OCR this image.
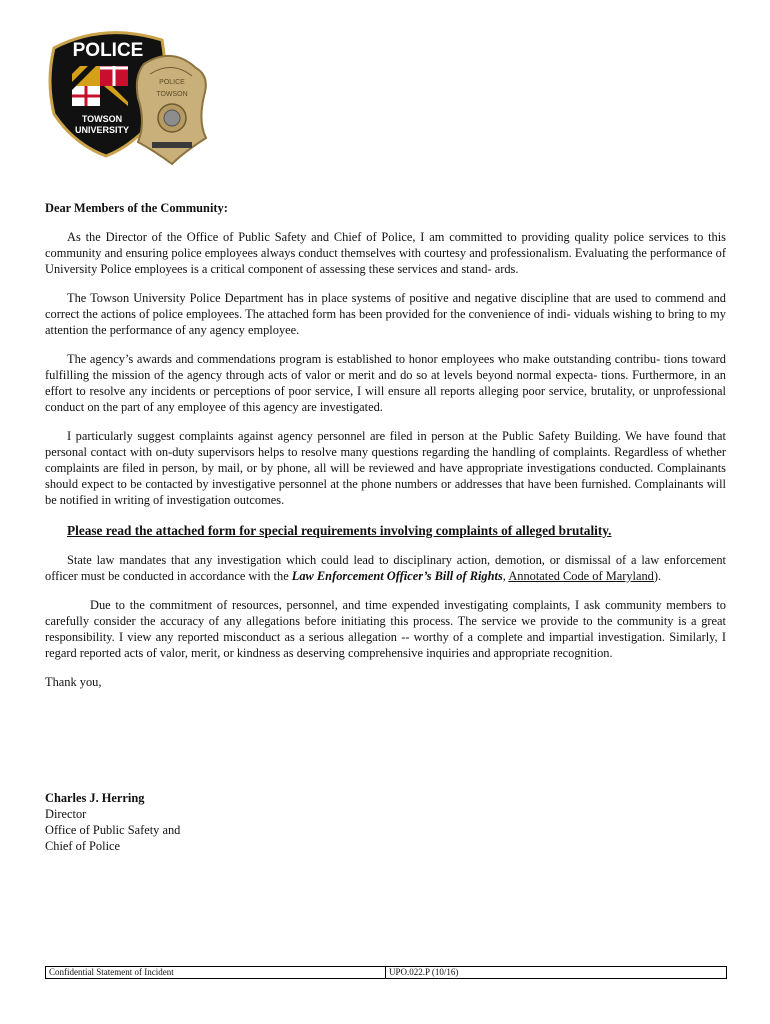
POLICE
TOWSON
UNIVERSITY
POLICE
TOWSON

Dear Members of the Community:

As the Director of the Office of Public Safety and Chief of Police, I am committed to providing quality police services to this community and ensuring police employees always conduct themselves with courtesy and professionalism. Evaluating the performance of University Police employees is a critical component of assessing these services and stand- ards.

The Towson University Police Department has in place systems of positive and negative discipline that are used to commend and correct the actions of police employees. The attached form has been provided for the convenience of indi- viduals wishing to bring to my attention the performance of any agency employee.

The agency’s awards and commendations program is established to honor employees who make outstanding contribu- tions toward fulfilling the mission of the agency through acts of valor or merit and do so at levels beyond normal expecta- tions. Furthermore, in an effort to resolve any incidents or perceptions of poor service, I will ensure all reports alleging poor service, brutality, or unprofessional conduct on the part of any employee of this agency are investigated.

I particularly suggest complaints against agency personnel are filed in person at the Public Safety Building. We have found that personal contact with on-duty supervisors helps to resolve many questions regarding the handling of complaints. Regardless of whether complaints are filed in person, by mail, or by phone, all will be reviewed and have appropriate investigations conducted. Complainants should expect to be contacted by investigative personnel at the phone numbers or addresses that have been furnished. Complainants will be notified in writing of investigation outcomes.

Please read the attached form for special requirements involving complaints of alleged brutality.

State law mandates that any investigation which could lead to disciplinary action, demotion, or dismissal of a law enforcement officer must be conducted in accordance with the Law Enforcement Officer’s Bill of Rights, Annotated Code of Maryland).

Due to the commitment of resources, personnel, and time expended investigating complaints, I ask community members to carefully consider the accuracy of any allegations before initiating this process. The service we provide to the community is a great responsibility. I view any reported misconduct as a serious allegation -- worthy of a complete and impartial investigation. Similarly, I regard reported acts of valor, merit, or kindness as deserving comprehensive inquiries and appropriate recognition.

Thank you,

Charles J. Herring
Director
Office of Public Safety and
Chief of Police
Confidential Statement of Incident	UPO.022.P (10/16)
